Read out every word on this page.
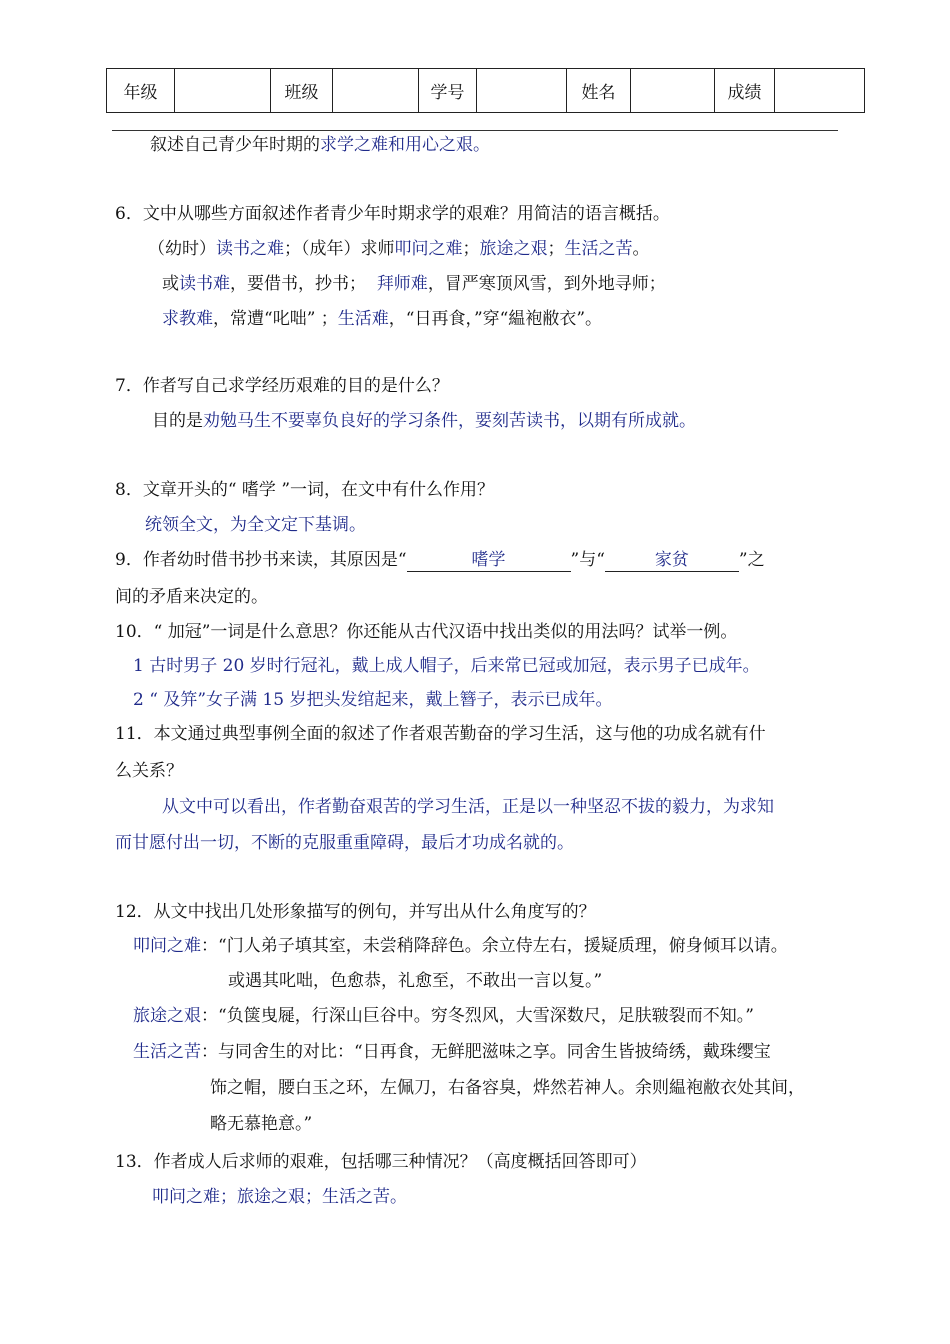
年级		班级		学号		姓名		成绩	
叙述自己青少年时期的求学之难和用心之艰。
6．文中从哪些方面叙述作者青少年时期求学的艰难？用简洁的语言概括。
（幼时）读书之难；（成年）求师叩问之难；旅途之艰；生活之苦。
或读书难，要借书，抄书； 拜师难，冒严寒顶风雪，到外地寻师；
求教难，常遭“叱咄” ；生活难，“日再食，”穿“緼袍敝衣”。
7．作者写自己求学经历艰难的目的是什么？
目的是劝勉马生不要辜负良好的学习条件，要刻苦读书，以期有所成就。
8．文章开头的“ 嗜学 ”一词，在文中有什么作用？
统领全文，为全文定下基调。
9．作者幼时借书抄书来读，其原因是“	嗜学	”与“	家贫	”之
间的矛盾来决定的。
10．“ 加冠”一词是什么意思？你还能从古代汉语中找出类似的用法吗？试举一例。
1 古时男子 20 岁时行冠礼，戴上成人帽子，后来常已冠或加冠，表示男子已成年。
2 “ 及笄”女子满 15 岁把头发绾起来，戴上簪子，表示已成年。
11．本文通过典型事例全面的叙述了作者艰苦勤奋的学习生活，这与他的功成名就有什
么关系？
从文中可以看出，作者勤奋艰苦的学习生活，正是以一种坚忍不拔的毅力，为求知
而甘愿付出一切，不断的克服重重障碍，最后才功成名就的。
12．从文中找出几处形象描写的例句，并写出从什么角度写的？
叩问之难：“门人弟子填其室，未尝稍降辞色。余立侍左右，援疑质理，俯身倾耳以请。
或遇其叱咄，色愈恭，礼愈至，不敢出一言以复。”
旅途之艰：“负箧曳屣，行深山巨谷中。穷冬烈风，大雪深数尺，足肤皲裂而不知。”
生活之苦：与同舍生的对比：“日再食，无鲜肥滋味之享。同舍生皆披绮绣，戴珠缨宝
饰之帽，腰白玉之环，左佩刀，右备容臭，烨然若神人。余则緼袍敝衣处其间，
略无慕艳意。”
13．作者成人后求师的艰难，包括哪三种情况？（高度概括回答即可）
叩问之难；旅途之艰；生活之苦。
